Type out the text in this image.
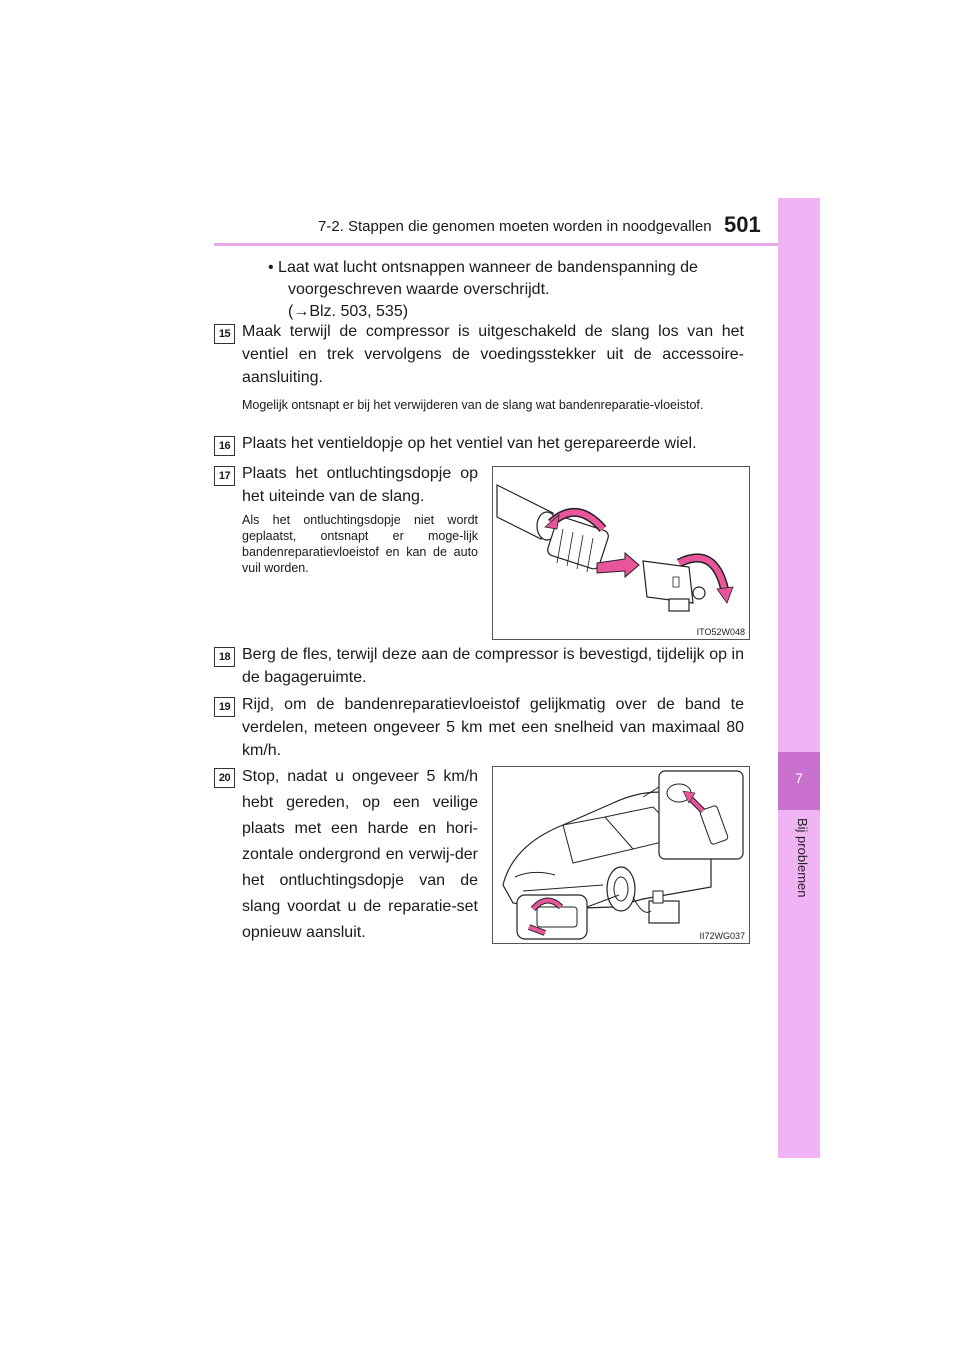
7-2. Stappen die genomen moeten worden in noodgevallen 501
7
Bij problemen

• Laat wat lucht ontsnappen wanneer de bandenspanning de

voorgeschreven waarde overschrijdt.

(→Blz. 503, 535)

15 Maak terwijl de compressor is uitgeschakeld de slang los van het ventiel en trek vervolgens de voedingsstekker uit de accessoire-aansluiting.
Mogelijk ontsnapt er bij het verwijderen van de slang wat bandenreparatie-vloeistof.
16 Plaats het ventieldopje op het ventiel van het gerepareerde wiel.
17 Plaats het ontluchtingsdopje op het uiteinde van de slang.
Als het ontluchtingsdopje niet wordt geplaatst, ontsnapt er moge-lijk bandenreparatievloeistof en kan de auto vuil worden.
ITO52W048
18 Berg de fles, terwijl deze aan de compressor is bevestigd, tijdelijk op in de bagageruimte.
19 Rijd, om de bandenreparatievloeistof gelijkmatig over de band te verdelen, meteen ongeveer 5 km met een snelheid van maximaal 80 km/h.
20 Stop, nadat u ongeveer 5 km/h hebt gereden, op een veilige plaats met een harde en hori-zontale ondergrond en verwij-der het ontluchtingsdopje van de slang voordat u de reparatie-set opnieuw aansluit.	II72WG037
